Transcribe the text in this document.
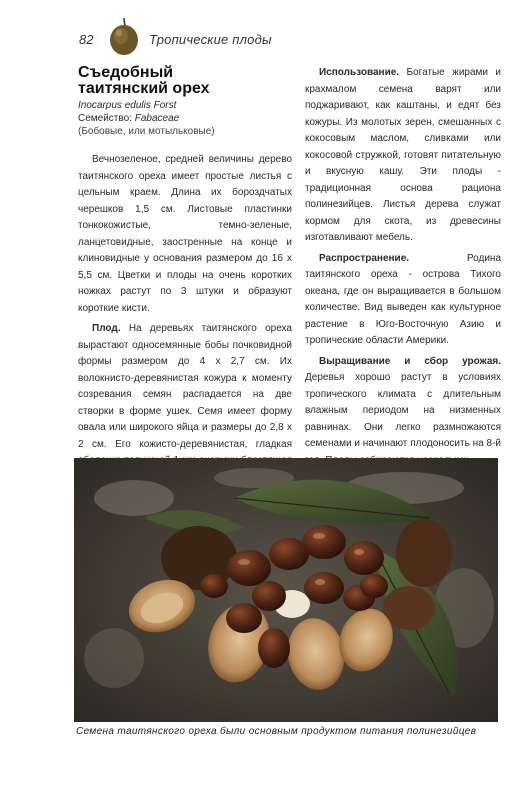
82	Тропические плоды
Съедобный
таитянский орех
Inocarpus edulis Forst
Семейство: Fabaceae
(Бобовые, или мотыльковые)

Вечнозеленое, средней величины дерево таитянского ореха имеет простые листья с цельным краем. Длина их бороздчатых черешков 1,5 см. Листовые пластинки тонкокожистые, темно-зеленые, ланцетовидные, заостренные на конце и клиновидные у основания размером до 16 х 5,5 см. Цветки и плоды на очень коротких ножках растут по 3 штуки и образуют короткие кисти.

Плод. На деревьях таитянского ореха вырастают односемянные бобы почковидной формы размером до 4 х 2,7 см. Их волокнисто-деревянистая кожура к моменту созревания семян распадается на две створки в форме ушек. Семя имеет форму овала или широкого яйца и размеры до 2,8 х 2 см. Его кожисто-деревянистая, гладкая

Использование. Богатые жирами и крахмалом семена варят или поджаривают, как каштаны, и едят без кожуры. Из молотых зерен, смешанных с кокосовым маслом, сливками или кокосовой стружкой, готовят питательную и вкусную кашу. Эти плоды - традиционная основа рациона полинезийцев. Листья дерева служат кормом для скота, из древесины изготавливают мебель.

Распространение.	Родина таитянского ореха - острова Тихого океана, где он выращивается в большом количестве. Вид выведен как культурное растение в Юго-Восточную Азию и тропические области Америки.

Выращивание и сбор урожая. Деревья хорошо растут в условиях тропического климата с длительным влажным периодом на низменных равнинах. Они легко размножаются семенами и начинают плодоносить на 8-й

Семена таитянского ореха были основным продуктом питания полинезийцев
